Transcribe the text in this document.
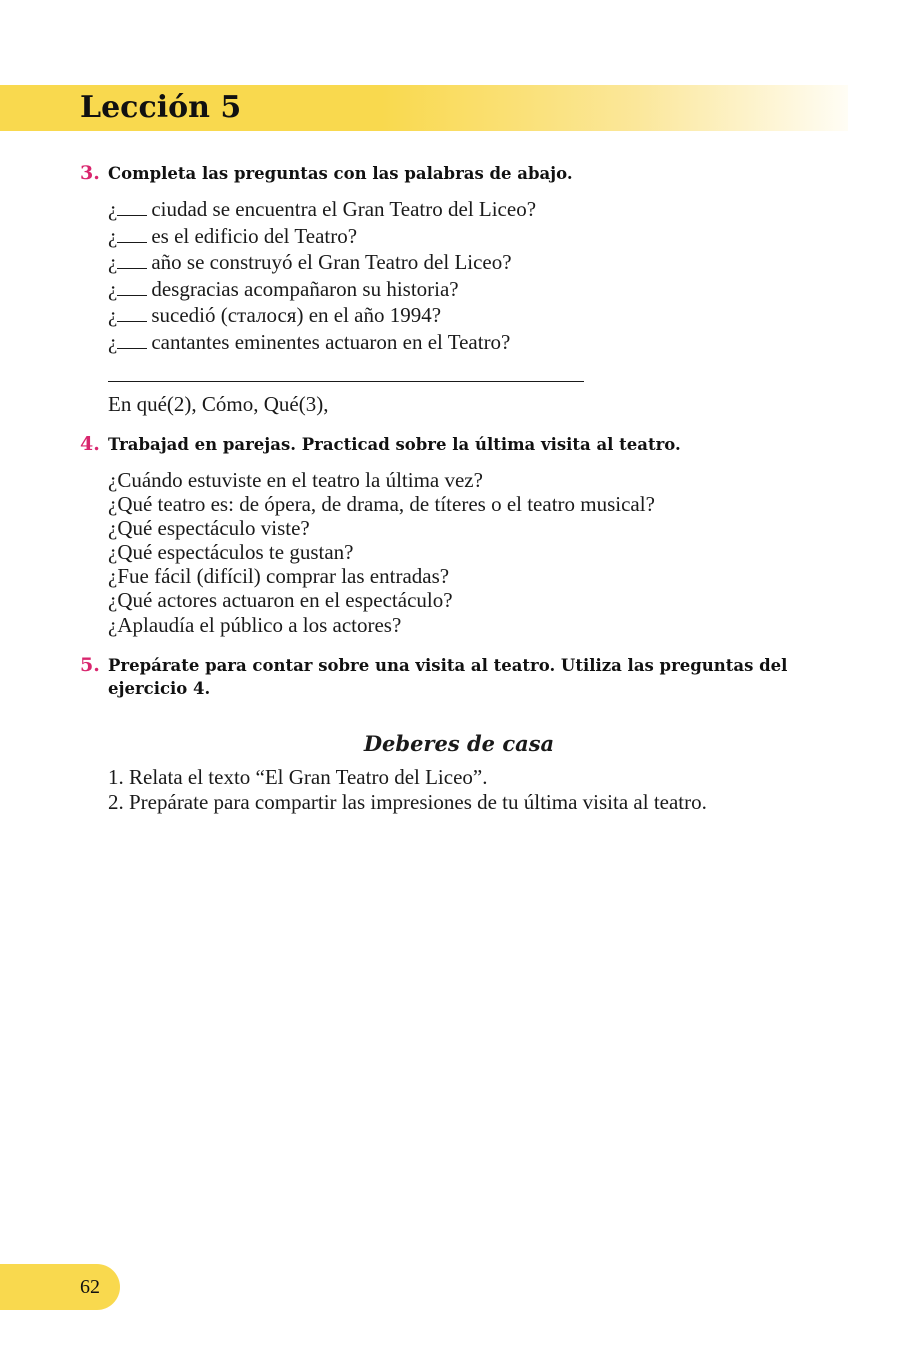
Lección 5
3. Completa las preguntas con las palabras de abajo.
¿ ciudad se encuentra el Gran Teatro del Liceo?
¿ es el edificio del Teatro?
¿ año se construyó el Gran Teatro del Liceo?
¿ desgracias acompañaron su historia?
¿ sucedió (сталося) en el año 1994?
¿ cantantes eminentes actuaron en el Teatro?
En qué(2), Cómo, Qué(3),
4. Trabajad en parejas. Practicad sobre la última visita al teatro.
¿Cuándo estuviste en el teatro la última vez?
¿Qué teatro es: de ópera, de drama, de títeres o el teatro musical?
¿Qué espectáculo viste?
¿Qué espectáculos te gustan?
¿Fue fácil (difícil) comprar las entradas?
¿Qué actores actuaron en el espectáculo?
¿Aplaudía el público a los actores?
5. Prepárate para contar sobre una visita al teatro. Utiliza las preguntas del ejercicio 4.
Deberes de casa
1. Relata el texto “El Gran Teatro del Liceo”.
2. Prepárate para compartir las impresiones de tu última visita al teatro.
62
